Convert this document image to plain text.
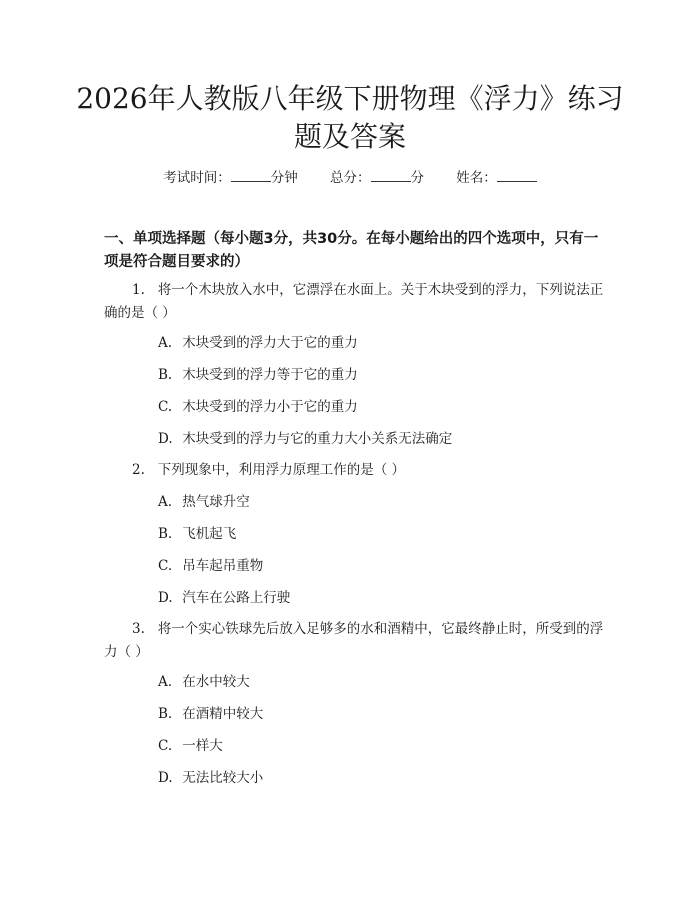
2026年人教版八年级下册物理《浮力》练习
题及答案
考试时间：	分钟 总分：	分 姓名：
一、单项选择题（每小题3分，共30分。在每小题给出的四个选项中，只有一项是符合题目要求的）
1. 将一个木块放入水中，它漂浮在水面上。关于木块受到的浮力，下列说法正确的是（ ）
A. 木块受到的浮力大于它的重力
B. 木块受到的浮力等于它的重力
C. 木块受到的浮力小于它的重力
D. 木块受到的浮力与它的重力大小关系无法确定
2. 下列现象中，利用浮力原理工作的是（ ）
A. 热气球升空
B. 飞机起飞
C. 吊车起吊重物
D. 汽车在公路上行驶
3. 将一个实心铁球先后放入足够多的水和酒精中，它最终静止时，所受到的浮力（ ）
A. 在水中较大
B. 在酒精中较大
C. 一样大
D. 无法比较大小
